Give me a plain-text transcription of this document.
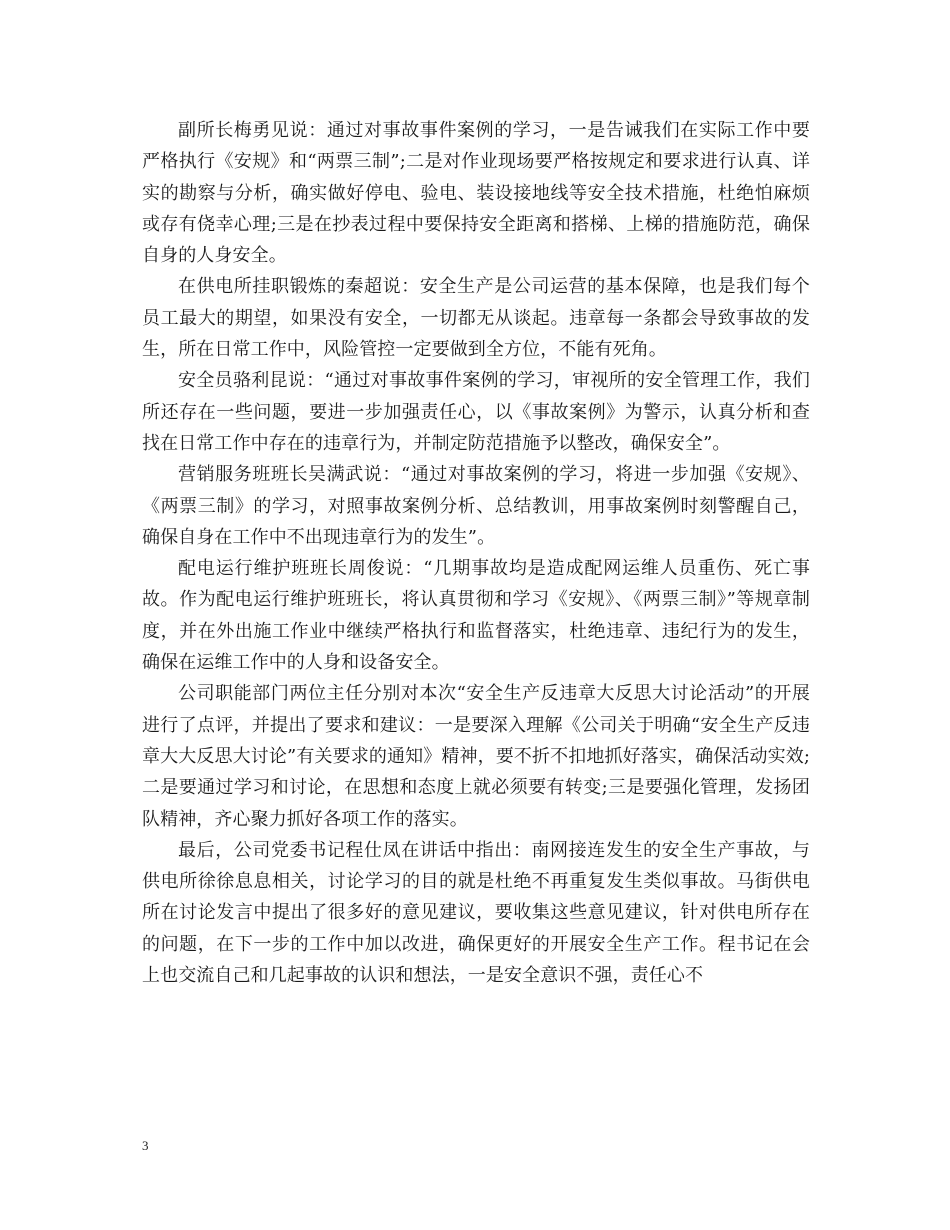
副所长梅勇见说：通过对事故事件案例的学习，一是告诫我们在实际工作中要严格执行《安规》和“两票三制”;二是对作业现场要严格按规定和要求进行认真、详实的勘察与分析，确实做好停电、验电、装设接地线等安全技术措施，杜绝怕麻烦或存有侥幸心理;三是在抄表过程中要保持安全距离和搭梯、上梯的措施防范，确保自身的人身安全。

在供电所挂职锻炼的秦超说：安全生产是公司运营的基本保障，也是我们每个员工最大的期望，如果没有安全，一切都无从谈起。违章每一条都会导致事故的发生，所在日常工作中，风险管控一定要做到全方位，不能有死角。

安全员骆利昆说：“通过对事故事件案例的学习，审视所的安全管理工作，我们所还存在一些问题，要进一步加强责任心，以《事故案例》为警示，认真分析和查找在日常工作中存在的违章行为，并制定防范措施予以整改，确保安全”。

营销服务班班长吴满武说：“通过对事故案例的学习，将进一步加强《安规》、《两票三制》的学习，对照事故案例分析、总结教训，用事故案例时刻警醒自己，确保自身在工作中不出现违章行为的发生”。

配电运行维护班班长周俊说：“几期事故均是造成配网运维人员重伤、死亡事故。作为配电运行维护班班长，将认真贯彻和学习《安规》、《两票三制》”等规章制度，并在外出施工作业中继续严格执行和监督落实，杜绝违章、违纪行为的发生，确保在运维工作中的人身和设备安全。

公司职能部门两位主任分别对本次“安全生产反违章大反思大讨论活动”的开展进行了点评，并提出了要求和建议：一是要深入理解《公司关于明确“安全生产反违章大大反思大讨论”有关要求的通知》精神，要不折不扣地抓好落实，确保活动实效;二是要通过学习和讨论，在思想和态度上就必须要有转变;三是要强化管理，发扬团队精神，齐心聚力抓好各项工作的落实。

最后，公司党委书记程仕凤在讲话中指出：南网接连发生的安全生产事故，与供电所徐徐息息相关，讨论学习的目的就是杜绝不再重复发生类似事故。马街供电所在讨论发言中提出了很多好的意见建议，要收集这些意见建议，针对供电所存在的问题，在下一步的工作中加以改进，确保更好的开展安全生产工作。程书记在会上也交流自己和几起事故的认识和想法，一是安全意识不强，责任心不

3
